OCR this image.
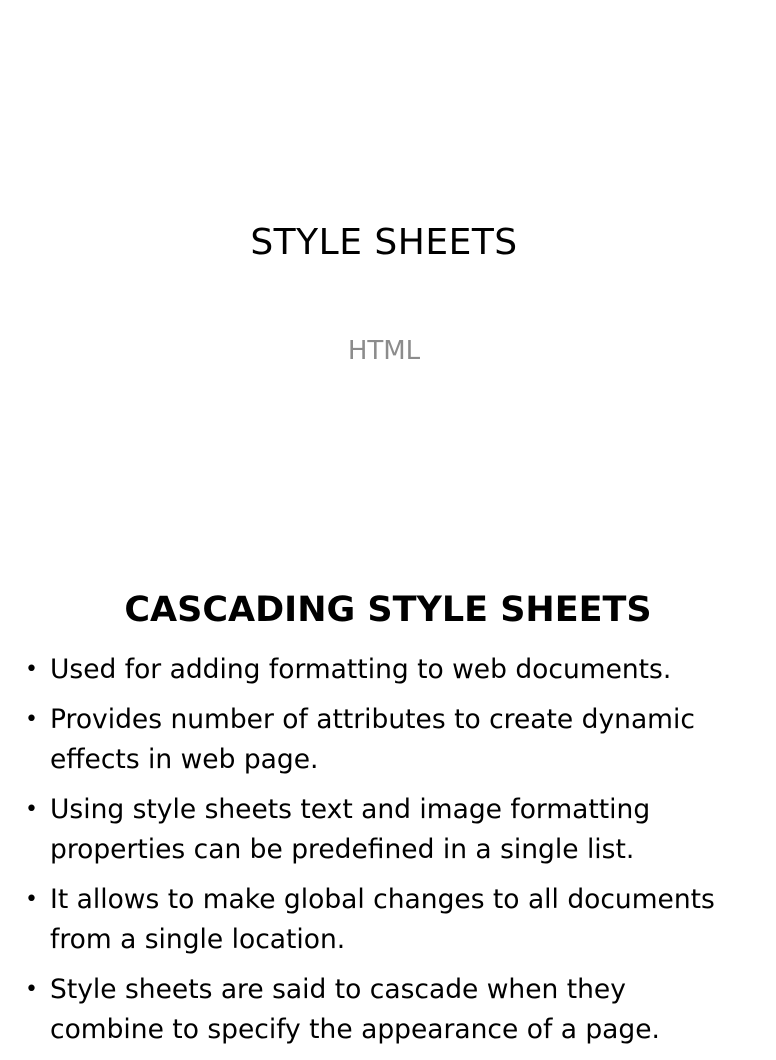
STYLE SHEETS

HTML

CASCADING STYLE SHEETS
• Used for adding formatting to web documents.
• Provides number of attributes to create dynamic effects in web page.
• Using style sheets text and image formatting properties can be predefined in a single list.
• It allows to make global changes to all documents from a single location.
• Style sheets are said to cascade when they combine to specify the appearance of a page.
